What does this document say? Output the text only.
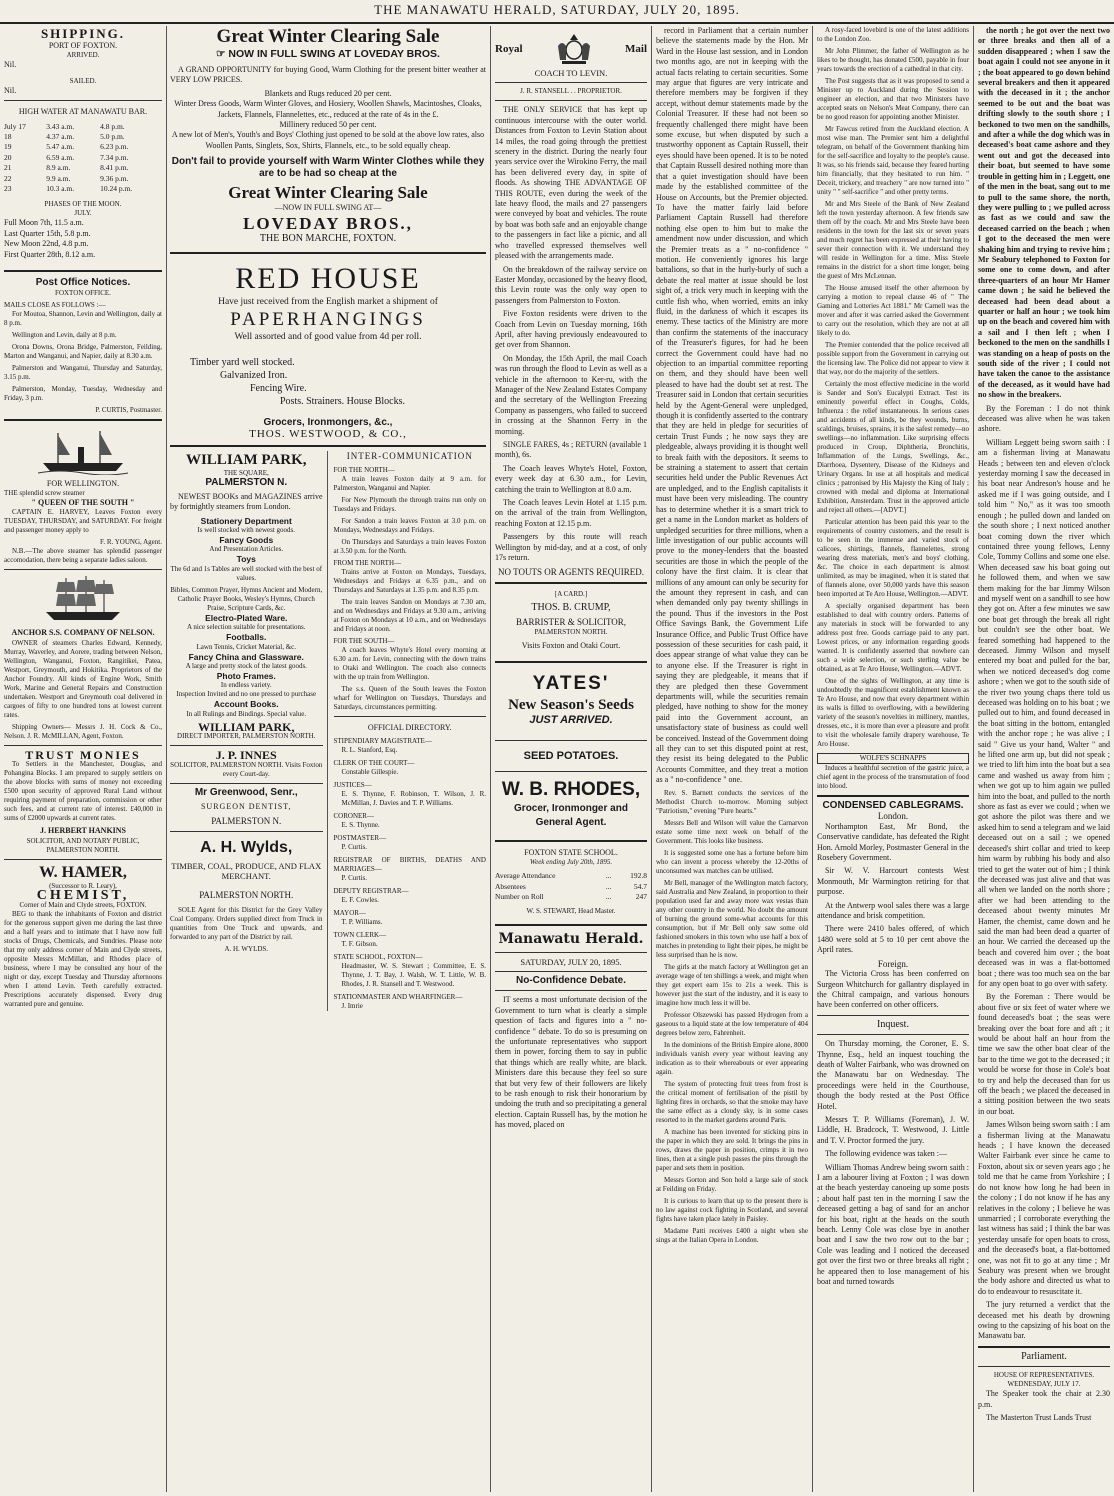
THE MANAWATU HERALD, SATURDAY, JULY 20, 1895.
SHIPPING.
PORT OF FOXTON.
ARRIVED.
Nil.
SAILED.
Nil.
HIGH WATER AT MANAWATU BAR.
July 17	3.43 a.m.	4.8 p.m.
18	4.37 a.m.	5.0 p.m.
19	5.47 a.m.	6.23 p.m.
20	6.59 a.m.	7.34 p.m.
21	8.9 a.m.	8.41 p.m.
22	9.9 a.m.	9.36 p.m.
23	10.3 a.m.	10.24 p.m.
PHASES OF THE MOON.
JULY.
Full Moon 7th, 11.5 a.m.
Last Quarter 15th, 5.8 p.m.
New Moon 22nd, 4.8 p.m.
First Quarter 28th, 8.12 a.m.
Post Office Notices.
FOXTON OFFICE.
MAILS CLOSE AS FOLLOWS :—

For Moutoa, Shannon, Levin and Wellington, daily at 8 p.m.

Wellington and Levin, daily at 8 p.m.

Orona Downs, Orona Bridge, Palmerston, Feilding, Marton and Wanganui, and Napier, daily at 8.30 a.m.

Palmerston and Wanganui, Thursday and Saturday, 3.15 p.m.

Palmerston, Monday, Tuesday, Wednesday and Friday, 3 p.m.

P. CURTIS, Postmaster.
FOR WELLINGTON.
THE splendid screw steamer
" QUEEN OF THE SOUTH "

CAPTAIN E. HARVEY, Leaves Foxton every TUESDAY, THURSDAY, and SATURDAY. For freight and passenger money apply to

F. R. YOUNG, Agent.

N.B.—The above steamer has splendid passenger accomodation, there being a separate ladies saloon.

ANCHOR S.S. COMPANY OF NELSON.

OWNER of steamers Charles Edward, Kennedy, Murray, Waverley, and Aorere, trading between Nelson, Wellington, Wanganui, Foxton, Rangitikei, Patea, Westport, Greymouth, and Hokitika. Proprietors of the Anchor Foundry. All kinds of Engine Work, Smith Work, Marine and General Repairs and Construction undertaken. Westport and Greymouth coal delivered in cargoes of fifty to one hundred tons at lowest current rates.

Shipping Owners— Messrs J. H. Cock & Co., Nelson. J. R. McMILLAN, Agent, Foxton.

TRUST MONIES

To Settlers in the Manchester, Douglas, and Pohangina Blocks. I am prepared to supply settlers on the above blocks with sums of money not exceeding £500 upon security of approved Rural Land without requiring payment of preparation, commission or other such fees, and at current rate of interest. £40,000 in sums of £2000 upwards at current rates.

J. HERBERT HANKINS
SOLICITOR, AND NOTARY PUBLIC, PALMERSTON NORTH.
W. HAMER,
(Successor to R. Leary),
CHEMIST,
Corner of Main and Clyde streets, FOXTON.

BEG to thank the inhabitants of Foxton and district for the generous support given me during the last three and a half years and to intimate that I have now full stocks of Drugs, Chemicals, and Sundries. Please note that my only address corner of Main and Clyde streets, opposite Messrs McMillan, and Rhodes place of business, where I may be consulted any hour of the night or day, except Tuesday and Thursday afternoons when I attend Levin. Teeth carefully extracted. Prescriptions accurately dispensed. Every drug warranted pure and genuine.

Great Winter Clearing Sale
☞ NOW IN FULL SWING AT LOVEDAY BROS.

A GRAND OPPORTUNITY for buying Good, Warm Clothing for the present bitter weather at VERY LOW PRICES.

Blankets and Rugs reduced 20 per cent.
Winter Dress Goods, Warm Winter Gloves, and Hosiery, Woollen Shawls, Macintoshes, Cloaks, Jackets, Flannels, Flannelettes, etc., reduced at the rate of 4s in the £.
Millinery reduced 50 per cent.
A new lot of Men's, Youth's and Boys' Clothing just opened to be sold at the above low rates, also Woollen Pants, Singlets, Sox, Shirts, Flannels, etc., to be sold equally cheap.
Don't fail to provide yourself with Warm Winter Clothes while they are to be had so cheap at the
Great Winter Clearing Sale
—NOW IN FULL SWING AT—
LOVEDAY BROS.,
THE BON MARCHE, FOXTON.
RED HOUSE
Have just received from the English market a shipment of
PAPERHANGINGS
Well assorted and of good value from 4d per roll.
Timber yard well stocked.
Galvanized Iron.
Fencing Wire.
Posts. Strainers. House Blocks.
Grocers, Ironmongers, &c.,
THOS. WESTWOOD, & CO.,
WILLIAM PARK,
THE SQUARE,
PALMERSTON N.

NEWEST BOOKs and MAGAZINES arrive by fortnightly steamers from London.

Stationery Department
Is well stocked with newest goods.
Fancy Goods
And Presentation Articles.
Toys
The 6d and 1s Tables are well stocked with the best of values.
Bibles, Common Prayer, Hymns Ancient and Modern, Catholic Prayer Books, Wesley's Hymns, Church Praise, Scripture Cards, &c.
Electro-Plated Ware.
A nice selection suitable for presentations.
Footballs.
Lawn Tennis, Cricket Material, &c.
Fancy China and Glassware.
A large and pretty stock of the latest goods.
Photo Frames.
In endless variety.
Inspection Invited and no one pressed to purchase
Account Books.
In all Rulings and Bindings. Special value.
WILLIAM PARK,
DIRECT IMPORTER, PALMERSTON NORTH.
J. P. INNES
SOLICITOR, PALMERSTON NORTH. Visits Foxton every Court-day.
Mr Greenwood, Senr.,
SURGEON DENTIST,
PALMERSTON N.
A. H. Wylds,
TIMBER, COAL, PRODUCE, AND FLAX MERCHANT.
PALMERSTON NORTH.

SOLE Agent for this District for the Grey Valley Coal Company. Orders supplied direct from Truck in quantities from One Truck and upwards, and forwarded to any part of the District by rail.

A. H. WYLDS.
INTER-COMMUNICATION
FOR THE NORTH—

A train leaves Foxton daily at 9 a.m. for Palmerston, Wanganui and Napier.

For New Plymouth the through trains run only on Tuesdays and Fridays.

For Sandon a train leaves Foxton at 3.0 p.m. on Mondays, Wednesdays and Fridays.

On Thursdays and Saturdays a train leaves Foxton at 3.50 p.m. for the North.

FROM THE NORTH—

Trains arrive at Foxton on Mondays, Tuesdays, Wednesdays and Fridays at 6.35 p.m., and on Thursdays and Saturdays at 1.35 p.m. and 8.35 p.m.

The train leaves Sandon on Mondays at 7.30 am, and on Wednesdays and Fridays at 9.30 a.m., arriving at Foxton on Mondays at 10 a.m., and on Wednesdays and Fridays at noon.

FOR THE SOUTH—

A coach leaves Whyte's Hotel every morning at 6.30 a.m. for Levin, connecting with the down trains to Otaki and Wellington. The coach also connects with the up train from Wellington.

The s.s. Queen of the South leaves the Foxton wharf for Wellington on Tuesdays, Thursdays and Saturdays, circumstances permitting.

OFFICIAL DIRECTORY.
STIPENDIARY MAGISTRATE—
R. L. Stanford, Esq.
CLERK OF THE COURT—
Constable Gillespie.
JUSTICES—
E. S. Thynne, F. Robinson, T. Wilson, J. R. McMillan, J. Davies and T. P. Williams.
CORONER—
E. S. Thynne.
POSTMASTER—
P. Curtis.
REGISTRAR OF BIRTHS, DEATHS AND MARRIAGES—
P. Curtis.
DEPUTY REGISTRAR—
E. F. Cowles.
MAYOR—
T. P. Williams.
TOWN CLERK—
T. F. Gibson.
STATE SCHOOL, FOXTON—
Headmaster, W. S. Stewart ; Committee, E. S. Thynne, J. T. Bay, J. Walsh, W. T. Little, W. B. Rhodes, J. R. Stansell and T. Westwood.
STATIONMASTER AND WHARFINGER—
J. Imrie
Royal	Mail
COACH TO LEVIN.
J. R. STANSELL . . PROPRIETOR.

THE ONLY SERVICE that has kept up continuous intercourse with the outer world. Distances from Foxton to Levin Station about 14 miles, the road going through the prettiest scenery in the district. During the nearly four years service over the Wirokino Ferry, the mail has been delivered every day, in spite of floods. As showing THE ADVANTAGE OF THIS ROUTE, even during the week of the late heavy flood, the mails and 27 passengers were conveyed by boat and vehicles. The route by boat was both safe and an enjoyable change to the passengers in fact like a picnic, and all who travelled expressed themselves well pleased with the arrangements made.

On the breakdown of the railway service on Easter Monday, occasioned by the heavy flood, this Levin route was the only way open to passengers from Palmerston to Foxton.

Five Foxton residents were driven to the Coach from Levin on Tuesday morning, 16th April, after having previously endeavoured to get over from Shannon.

On Monday, the 15th April, the mail Coach was run through the flood to Levin as well as a vehicle in the afternoon to Ker-ru, with the Manager of the New Zealand Estates Company and the secretary of the Wellington Freezing Company as passengers, who failed to succeed in crossing at the Shannon Ferry in the morning.

SINGLE FARES, 4s ; RETURN (available 1 month), 6s.

The Coach leaves Whyte's Hotel, Foxton, every week day at 6.30 a.m., for Levin, catching the train to Wellington at 8.0 a.m.

The Coach leaves Levin Hotel at 1.15 p.m. on the arrival of the train from Wellington, reaching Foxton at 12.15 p.m.

Passengers by this route will reach Wellington by mid-day, and at a cost, of only 17s return.

NO TOUTS OR AGENTS REQUIRED.
[A CARD.]
THOS. B. CRUMP,
BARRISTER & SOLICITOR,
PALMERSTON NORTH.
Visits Foxton and Otaki Court.
YATES'
New Season's Seeds
JUST ARRIVED.
SEED POTATOES.
W. B. RHODES,
Grocer, Ironmonger and General Agent.
FOXTON STATE SCHOOL.
Week ending July 20th, 1895.
Average Attendance	...	192.8
Absentees	...	54.7
Number on Roll	...	247
W. S. STEWART, Head Master.
Manawatu Herald.
SATURDAY, JULY 20, 1895.
No-Confidence Debate.

IT seems a most unfortunate decision of the Government to turn what is clearly a simple question of facts and figures into a " no-confidence " debate. To do so is presuming on the unfortunate representatives who support them in power, forcing them to say in public that things which are really white, are black. Ministers dare this because they feel so sure that but very few of their followers are likely to be rash enough to risk their honorarium by undoing the truth and so precipitating a general election. Captain Russell has, by the motion he has moved, placed on

record in Parliament that a certain number believe the statements made by the Hon. Mr Ward in the House last session, and in London two months ago, are not in keeping with the actual facts relating to certain securities. Some may argue that figures are very intricate and therefore members may be forgiven if they accept, without demur statements made by the Colonial Treasurer. If these had not been so frequently challenged there might have been some excuse, but when disputed by such a trustworthy opponent as Captain Russell, their eyes should have been opened. It is to be noted that Captain Russell desired nothing more than that a quiet investigation should have been made by the established committee of the House on Accounts, but the Premier objected. To have the matter fairly laid before Parliament Captain Russell had therefore nothing else open to him but to make the amendment now under discussion, and which the Premier treats as a " no-confidence " motion. He conveniently ignores his large battalions, so that in the hurly-burly of such a debate the real matter at issue should be lost sight of, a trick very much in keeping with the cuttle fish who, when worried, emits an inky fluid, in the darkness of which it escapes its enemy. These tactics of the Ministry are more than confirm the statements of the inaccuracy of the Treasurer's figures, for had he been correct the Government could have had no objection to an impartial committee reporting on them, and they should have been well pleased to have had the doubt set at rest. The Treasurer said in London that certain securities held by the Agent-General were unpledged, though it is confidently asserted to the contrary that they are held in pledge for securities of certain Trust Funds ; he now says they are pledgeable, always providing it is thought well to break faith with the depositors. It seems to be straining a statement to assert that certain securities held under the Public Revenues Act are unpledged, and to the English capitalists it must have been very misleading. The country has to determine whether it is a smart trick to get a name in the London market as holders of unpledged securities for three millions, when a little investigation of our public accounts will prove to the money-lenders that the boasted securities are those in which the people of the colony have the first claim. It is clear that millions of any amount can only be security for the amount they represent in cash, and can when demanded only pay twenty shillings in the pound. Thus if the investors in the Post Office Savings Bank, the Government Life Insurance Office, and Public Trust Office have possession of these securities for cash paid, it does appear strange of what value they can be to anyone else. If the Treasurer is right in saying they are pledgeable, it means that if they are pledged then these Government departments will, while the securities remain pledged, have nothing to show for the money paid into the Government account, an unsatisfactory state of business as could well be conceived. Instead of the Government doing all they can to set this disputed point at rest, they resist its being delegated to the Public Accounts Committee, and they treat a motion as a " no-confidence " one.

Rev. S. Barnett conducts the services of the Methodist Church to-morrow. Morning subject "Patriotism," evening "Pure hearts."

Messrs Bell and Wilson will value the Carnarvon estate some time next week on behalf of the Government. This looks like business.

It is suggested some one has a fortune before him who can invent a process whereby the 12-20ths of unconsumed wax matches can be utilised.

Mr Bell, manager of the Wellington match factory, said Australia and New Zealand, in proportion to their population used far and away more wax vestas than any other country in the world. No doubt the amount of burning the ground some-what accounts for this consumption, but if Mr Bell only saw some old fashioned smokers in this town who use half a box of matches in pretending to light their pipes, he might be less surprised than he is now.

The girls at the match factory at Wellington get an average wage of ten shillings a week, and might when they get expert earn 15s to 21s a week. This is however just the start of the industry, and it is easy to imagine how much less it will be.

Professor Olszewski has passed Hydrogen from a gaseous to a liquid state at the low temperature of 404 degrees below zero, Fahrenheit.

In the dominions of the British Empire alone, 8000 individuals vanish every year without leaving any indication as to their whereabouts or ever appearing again.

The system of protecting fruit trees from frost is the critical moment of fertilisation of the pistil by lighting fires in orchards, so that the smoke may have the same effect as a cloudy sky, is in some cases resorted to in the market gardens around Paris.

A machine has been invented for sticking pins in the paper in which they are sold. It brings the pins in rows, draws the paper in position, crimps it in two lines, then at a single push passes the pins through the paper and sets them in position.

Messrs Gorton and Son hold a large sale of stock at Feilding on Friday.

It is curious to learn that up to the present there is no law against cock fighting in Scotland, and several fights have taken place lately in Paisley.

Madame Patti receives £400 a night when she sings at the Italian Opera in London.

A rosy-faced lovebird is one of the latest additions to the London Zoo.

Mr John Plimmer, the father of Wellington as he likes to be thought, has donated £500, payable in four years towards the erection of a cathedral in that city.

The Post suggests that as it was proposed to send a Minister up to Auckland during the Session to engineer an election, and that two Ministers have accepted seats on Nelson's Meat Company, there can be no good reason for appointing another Minister.

Mr Fawcus retired from the Auckland election. A most wise man. The Premier sent him a delightful telegram, on behalf of the Government thanking him for the self-sacrifice and loyalty to the people's cause. It was, so his friends said, because they feared hurting him financially, that they hesitated to run him. " Deceit, trickery, and treachery " are now turned into " unity " " self-sacrifice " and other pretty terms.

Mr and Mrs Steele of the Bank of New Zealand left the town yesterday afternoon. A few friends saw them off by the coach. Mr and Mrs Steele have been residents in the town for the last six or seven years and much regret has been expressed at their having to sever their connection with it. We understand they will reside in Wellington for a time. Miss Steele remains in the district for a short time longer, being the guest of Mrs McLennan.

The House amused itself the other afternoon by carrying a motion to repeal clause 46 of " The Gaming and Lotteries Act 1881." Mr Carnell was the mover and after it was carried asked the Government to carry out the resolution, which they are not at all likely to do.

The Premier contended that the police received all possible support from the Government in carrying out the licensing law. The Police did not appear to view it that way, nor do the majority of the settlers.

Certainly the most effective medicine in the world is Sander and Son's Eucalypti Extract. Test its eminently powerful effect in Coughs, Colds, Influenza : the relief instantaneous. In serious cases and accidents of all kinds, be they wounds, burns, scaldings, bruises, sprains, it is the safest remedy—no swellings—no inflammation. Like surprising effects produced in Croup, Diphtheria, Bronchitis, Inflammation of the Lungs, Swellings, &c., Diarrhoea, Dysentery, Disease of the Kidneys and Urinary Organs. In use at all hospitals and medical clinics ; patronised by His Majesty the King of Italy ; crowned with medal and diploma at International Exhibition, Amsterdam. Trust in the approved article and reject all others.—[ADVT.]

Particular attention has been paid this year to the requirements of country customers, and the result is to be seen in the immense and varied stock of calicoes, shirtings, flannels, flannelettes, strong wearing dress materials, men's and boys' clothing, &c. The choice in each department is almost unlimited, as may be imagined, when it is stated that of flannels alone, over 50,000 yards have this season been imported at Te Aro House, Wellington.—ADVT.

A specially organised department has been established to deal with country orders. Patterns of any materials in stock will be forwarded to any address post free. Goods carriage paid to any part. Lowest prices, or any information regarding goods wanted. It is confidently asserted that nowhere can such a wide selection, or such sterling value be obtained, as at Te Aro House, Wellington.—ADVT.

One of the sights of Wellington, at any time is undoubtedly the magnificent establishment known as Te Aro House, and now that every department within its walls is filled to overflowing, with a bewildering variety of the season's novelties in millinery, mantles, dresses, etc., it is more than ever a pleasure and profit to visit the wholesale family drapery warehouse, Te Aro House.

WOLFE'S SCHNAPPS

Induces a healthful secretion of the gastric juice, a chief agent in the process of the transmutation of food into blood.

CONDENSED CABLEGRAMS.
London.

Northampton East, Mr Bond, the Conservative candidate, has defeated the Right Hon. Arnold Morley, Postmaster General in the Rosebery Government.

Sir W. V. Harcourt contests West Monmouth, Mr Warmington retiring for that purpose.

At the Antwerp wool sales there was a large attendance and brisk competition.

There were 2410 bales offered, of which 1480 were sold at 5 to 10 per cent above the April rates.

Foreign.

The Victoria Cross has been conferred on Surgeon Whitchurch for gallantry displayed in the Chitral campaign, and various honours have been conferred on other officers.

Inquest.

On Thursday morning, the Coroner, E. S. Thynne, Esq., held an inquest touching the death of Walter Fairbank, who was drowned on the Manawatu bar on Wednesday. The proceedings were held in the Courthouse, though the body rested at the Post Office Hotel.

Messrs T. P. Williams (Foreman), J. W. Liddle, H. Bradcock, T. Westwood, J. Little and T. V. Proctor formed the jury.

The following evidence was taken :—

William Thomas Andrew being sworn saith : I am a labourer living at Foxton ; I was down at the beach yesterday canoeing up some posts ; about half past ten in the morning I saw the deceased getting a bag of sand for an anchor for his boat, right at the heads on the south beach. Lenny Cole was close bye in another boat and I saw the two row out to the bar ; Cole was leading and I noticed the deceased got over the first two or three breaks all right ; he appeared then to lose management of his boat and turned towards

the north ; he got over the next two or three breaks and then all of a sudden disappeared ; when I saw the boat again I could not see anyone in it ; the boat appeared to go down behind several breakers and then it appeared with the deceased in it ; the anchor seemed to be out and the boat was drifting slowly to the south shore ; I beckoned to two men on the sandhills, and after a while the dog which was in deceased's boat came ashore and they went out and got the deceased into their boat, but seemed to have some trouble in getting him in ; Leggett, one of the men in the boat, sang out to me to pull to the same shore, the north, they were pulling to ; we pulled across as fast as we could and saw the deceased carried on the beach ; when I got to the deceased the men were shaking him and trying to revive him ; Mr Seabury telephoned to Foxton for some one to come down, and after three-quarters of an hour Mr Hamer came down ; he said he believed the deceased had been dead about a quarter or half an hour ; we took him up on the beach and covered him with a sail and I then left ; when I beckoned to the men on the sandhills I was standing on a heap of posts on the south side of the river ; I could not have taken the canoe to the assistance of the deceased, as it would have had no show in the breakers.

By the Foreman : I do not think deceased was alive when he was taken ashore.

William Leggett being sworn saith : I am a fisherman living at Manawatu Heads ; between ten and eleven o'clock yesterday morning I saw the deceased in his boat near Andreson's house and he asked me if I was going outside, and I told him " No," as it was too smooth enough ; he pulled down and landed on the south shore ; I next noticed another boat coming down the river which contained three young fellows, Lenny Cole, Tommy Collins and some one else. When deceased saw his boat going out he followed them, and when we saw them making for the bar Jimmy Wilson and myself went on a sandhill to see how they got on. After a few minutes we saw one boat get through the break all right but couldn't see the other boat. We feared something had happened to the deceased. Jimmy Wilson and myself entered my boat and pulled for the bar, when we noticed deceased's dog come ashore ; when we got to the south side of the river two young chaps there told us deceased was holding on to his boat ; we pulled out to him, and found deceased in the boat sitting in the bottom, entangled with the anchor rope ; he was alive ; I said " Give us your hand, Walter " and he lifted one arm up, but did not speak ; we tried to lift him into the boat but a sea came and washed us away from him ; when we got up to him again we pulled him into the boat, and pulled to the north shore as fast as ever we could ; when we got ashore the pilot was there and we asked him to send a telegram and we laid deceased out on a sail ; we opened deceased's shirt collar and tried to keep him warm by rubbing his body and also tried to get the water out of him ; I think the deceased was just alive and that was all when we landed on the north shore ; after we had been attending to the deceased about twenty minutes Mr Hamer, the chemist, came down and he said the man had been dead a quarter of an hour. We carried the deceased up the beach and covered him over ; the boat deceased was in was a flat-bottomed boat ; there was too much sea on the bar for any open boat to go over with safety.

By the Foreman : There would be about five or six feet of water where we found deceased's boat ; the seas were breaking over the boat fore and aft ; it would be about half an hour from the time we saw the other boat clear of the bar to the time we got to the deceased ; it would be worse for those in Cole's boat to try and help the deceased than for us off the beach ; we placed the deceased in a sitting position between the two seats in our boat.

James Wilson being sworn saith : I am a fisherman living at the Manawatu heads ; I have known the deceased Walter Fairbank ever since he came to Foxton, about six or seven years ago ; he told me that he came from Yorkshire ; I do not know how long he had been in the colony ; I do not know if he has any relatives in the colony ; I believe he was unmarried ; I corroborate everything the last witness has said ; I think the bar was yesterday unsafe for open boats to cross, and the deceased's boat, a flat-bottomed one, was not fit to go at any time ; Mr Seabury was present when we brought the body ashore and directed us what to do to endeavour to resuscitate it.

The jury returned a verdict that the deceased met his death by drowning owing to the capsizing of his boat on the Manawatu bar.

Parliament.
HOUSE OF REPRESENTATIVES.
WEDNESDAY, JULY 17.

The Speaker took the chair at 2.30 p.m.

The Masterton Trust Lands Trust
